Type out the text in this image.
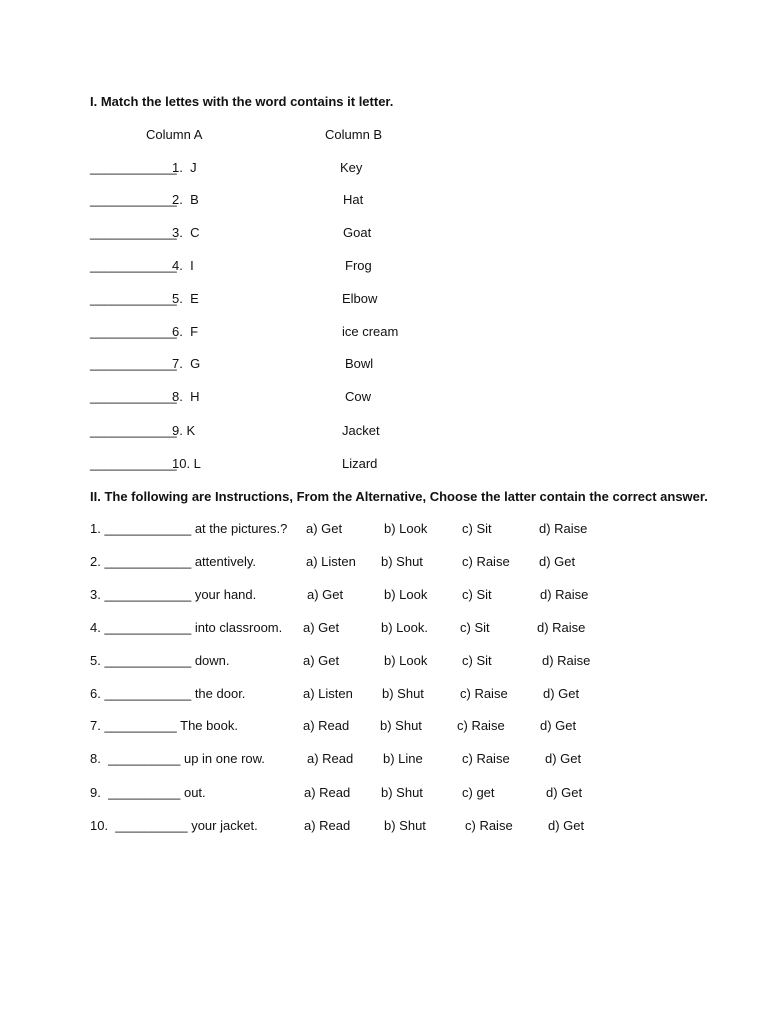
I. Match the lettes with the word contains it letter.
Column A	Column B
____________
1.  J	Key
____________
2.  B	Hat
____________
3.  C	Goat
____________
4.  I	Frog
____________
5.  E	Elbow
____________
6.  F	ice cream
____________
7.  G	Bowl
____________
8.  H	Cow
____________
9. K	Jacket
____________
10. L	Lizard
II. The following are Instructions, From the Alternative, Choose the latter contain the correct answer.
1. ____________ at the pictures.? a) Get	b) Look	c) Sit	d) Raise
2. ____________ attentively.	a) Listen b) Shut	c) Raise d) Get
3. ____________ your hand.	a) Get	b) Look	c) Sit	d) Raise
4. ____________ into classroom. a) Get	b) Look. c) Sit	d) Raise
5. ____________ down.	a) Get	b) Look	c) Sit	d) Raise
6. ____________ the door.	a) Listen b) Shut	c) Raise	d) Get
7. __________ The book.	a) Read b) Shut	c) Raise	d) Get
8.  __________ up in one row.	a) Read b) Line	c) Raise	d) Get
9.  __________ out.	a) Read b) Shut	c) get	d) Get
10.  __________ your jacket.	a) Read	b) Shut	c) Raise	d) Get
